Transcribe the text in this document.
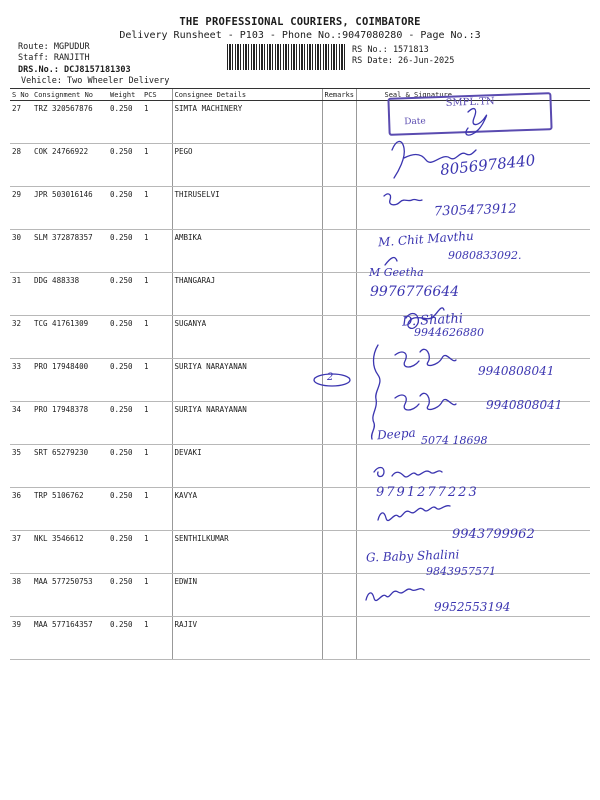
THE PROFESSIONAL COURIERS, COIMBATORE
Delivery Runsheet - P103 - Phone No.:9047080280 - Page No.:3
Route: MGPUDUR
Staff: RANJITH
DRS.No.: DCJ8157181303
Vehicle: Two Wheeler Delivery
RS No.: 1571813
RS Date: 26-Jun-2025
S No	Consignment No	Weight	PCS	Consignee Details	Remarks	Seal & Signature
27	TRZ 320567876	0.250	1	SIMTA MACHINERY		
28	COK 24766922	0.250	1	PEGO		
29	JPR 503016146	0.250	1	THIRUSELVI		
30	SLM 372878357	0.250	1	AMBIKA		
31	DDG 488338	0.250	1	THANGARAJ		
32	TCG 41761309	0.250	1	SUGANYA		
33	PRO 17948400	0.250	1	SURIYA NARAYANAN		
34	PRO 17948378	0.250	1	SURIYA NARAYANAN		
35	SRT 65279230	0.250	1	DEVAKI		
36	TRP 5106762	0.250	1	KAVYA		
37	NKL 3546612	0.250	1	SENTHILKUMAR		
38	MAA 577250753	0.250	1	EDWIN		
39	MAA 577164357	0.250	1	RAJIV		
SMPL.TN
Date
8056978440
7305473912
M. Chit Mavthu
9080833092.
M Geetha
9976776644
D. Shathi
9944626880
9940808041
2
9940808041
Deepa 5074 18698
9791277223
9943799962
G. Baby Shalini
9843957571
9952553194
